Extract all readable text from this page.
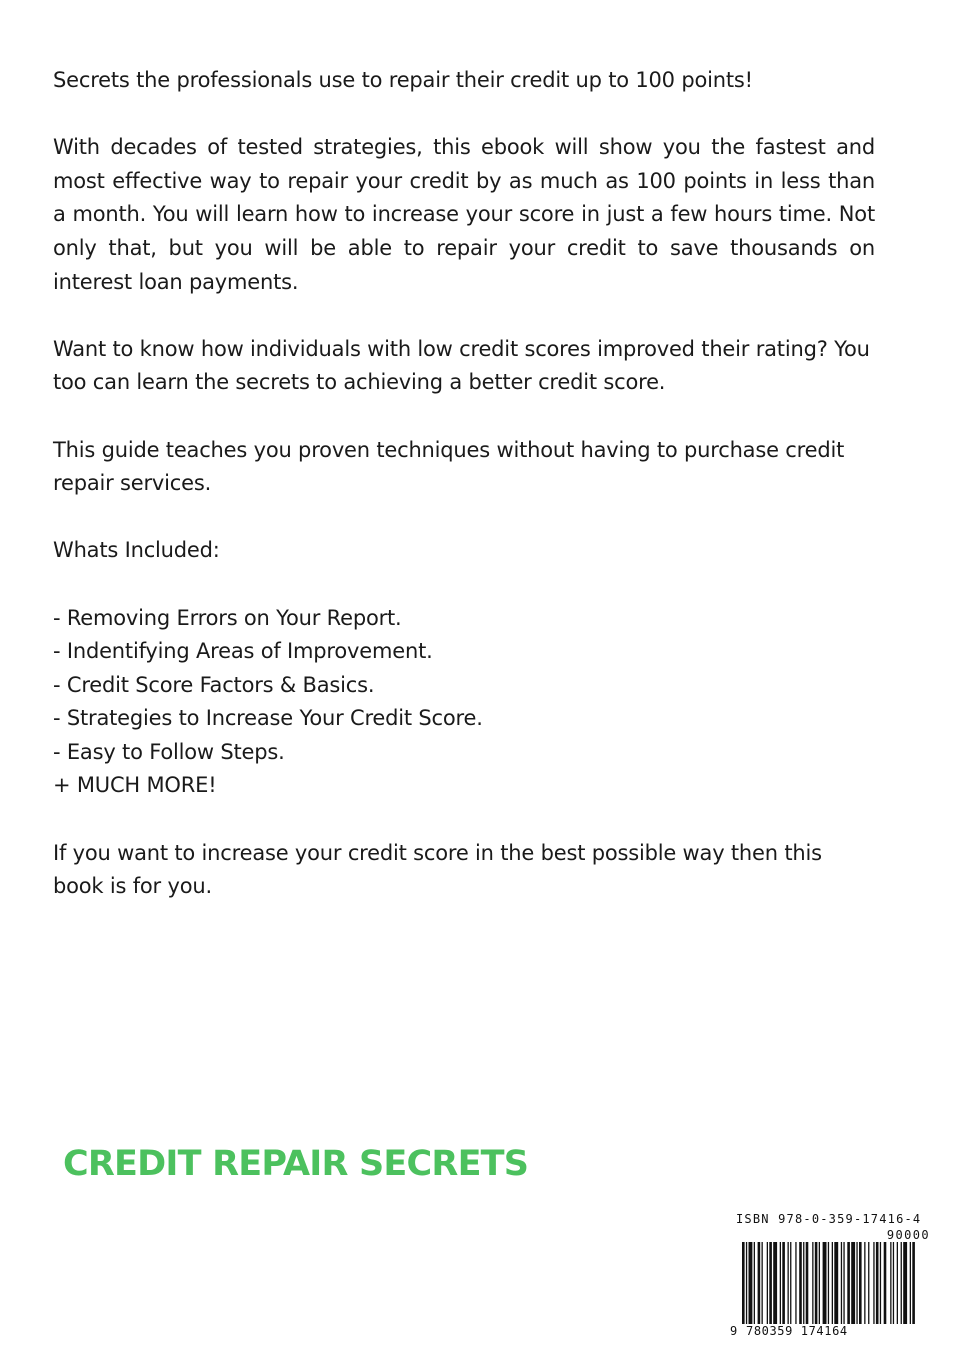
Secrets the professionals use to repair their credit up to 100 points!

With decades of tested strategies, this ebook will show you the fastest and most effective way to repair your credit by as much as 100 points in less than a month. You will learn how to increase your score in just a few hours time. Not only that, but you will be able to repair your credit to save thousands on interest loan payments.

Want to know how individuals with low credit scores improved their rating? You too can learn the secrets to achieving a better credit score.

This guide teaches you proven techniques without having to purchase credit repair services.

Whats Included:

- Removing Errors on Your Report.
- Indentifying Areas of Improvement.
- Credit Score Factors & Basics.
- Strategies to Increase Your Credit Score.
- Easy to Follow Steps.
+ MUCH MORE!

If you want to increase your credit score in the best possible way then this book is for you.

CREDIT REPAIR SECRETS
ISBN 978-0-359-17416-4
90000
9 780359 174164
